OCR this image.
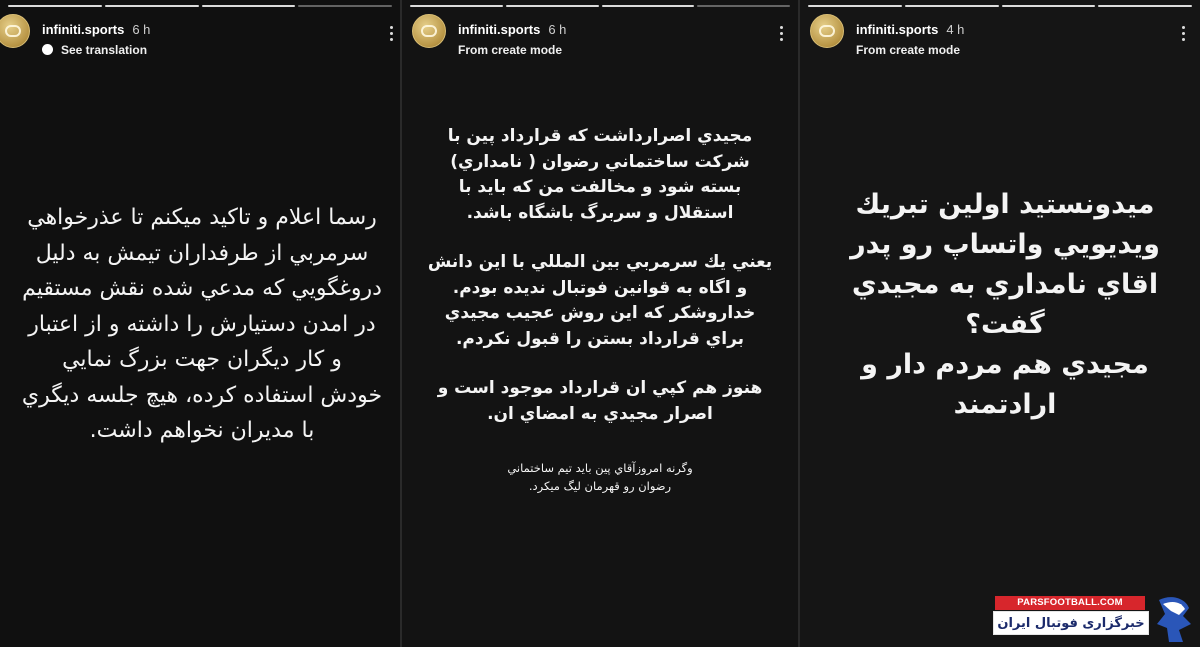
infiniti.sports 6 h
See translation

رسما اعلام و تاكيد ميكنم تا عذرخواهي

سرمربي از طرفداران تيمش به دليل

دروغگويي كه مدعي شده نقش مستقيم

در امدن دستيارش را داشته و از اعتبار

و كار ديگران جهت بزرگ نمايي

خودش استفاده كرده، هيچ جلسه ديگري

با مديران نخواهم داشت.

infiniti.sports 6 h
From create mode

مجيدي اصرارداشت كه قرارداد پين با

شركت ساختماني رضوان ( نامداري)

بسته شود و مخالفت من كه بايد با

استقلال و سربرگ باشگاه باشد.

يعني يك سرمربي بين المللي با اين دانش

و اگاه به قوانين فوتبال نديده بودم.

خداروشكر كه اين روش عجيب مجيدي

براي قرارداد بستن را قبول نكردم.

هنوز هم كپي ان قرارداد موجود است و

اصرار مجيدي به امضاي ان.

وگرنه امروزآقاي پين بايد تيم ساختماني

رضوان رو قهرمان ليگ ميكرد.

infiniti.sports 4 h
From create mode

ميدونستيد اولين تبريك

ويديويي واتساپ رو پدر

اقاي نامداري به مجيدي

گفت؟

مجيدي هم مردم دار و

ارادتمند

PARSFOOTBALL.COM
خبرگزاری فوتبال ایران
